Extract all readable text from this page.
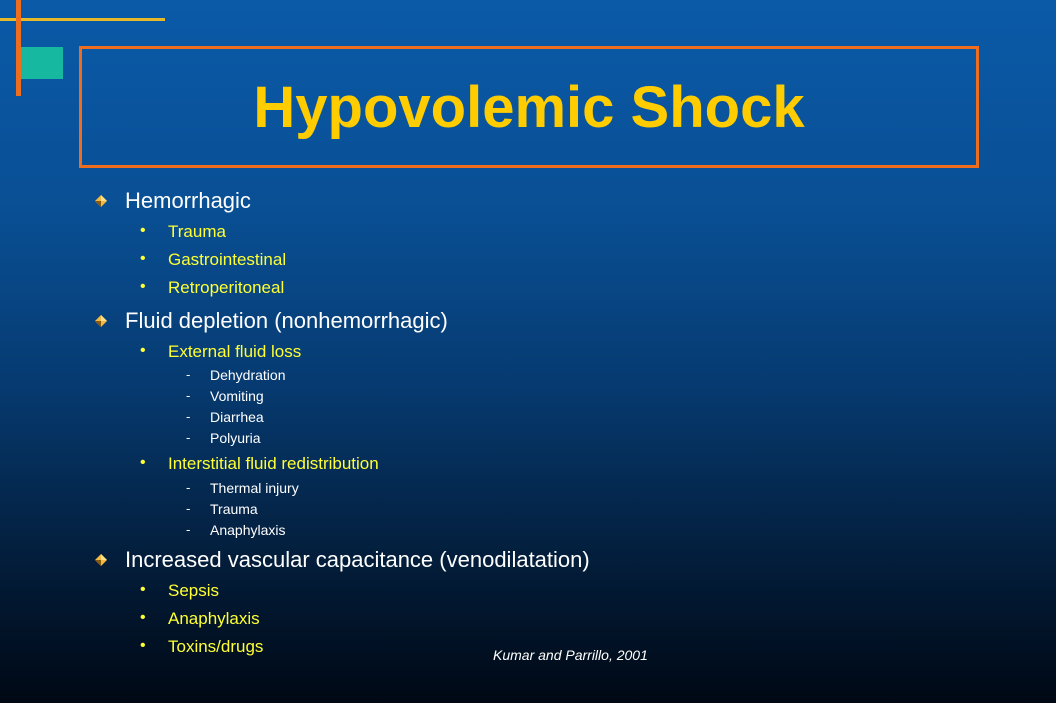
Hypovolemic Shock
Hemorrhagic
• Trauma
• Gastrointestinal
• Retroperitoneal
Fluid depletion (nonhemorrhagic)
• External fluid loss
- Dehydration
- Vomiting
- Diarrhea
- Polyuria
• Interstitial fluid redistribution
- Thermal injury
- Trauma
- Anaphylaxis
Increased vascular capacitance (venodilatation)
• Sepsis
• Anaphylaxis
• Toxins/drugs	Kumar and Parrillo, 2001
